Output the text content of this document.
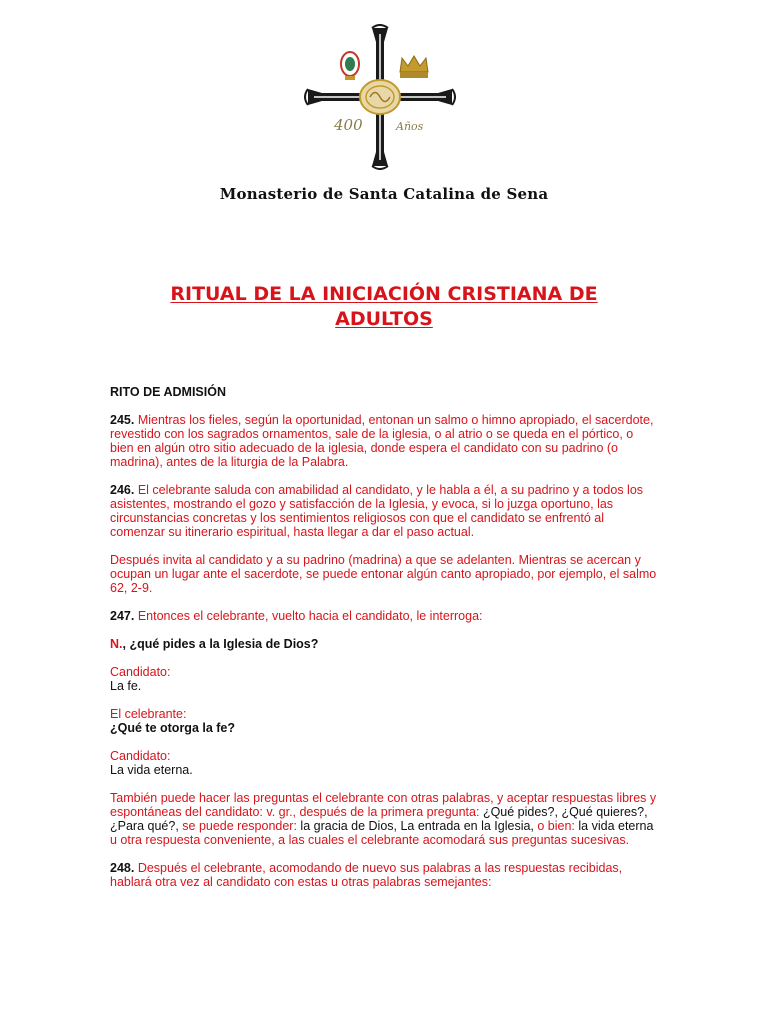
400	Años
Monasterio de Santa Catalina de Sena
RITUAL DE LA INICIACIÓN CRISTIANA DE
ADULTOS

RITO DE ADMISIÓN

245. Mientras los fieles, según la oportunidad, entonan un salmo o himno apropiado, el sacerdote, revestido con los sagrados ornamentos, sale de la iglesia, o al atrio o se queda en el pórtico, o bien en algún otro sitio adecuado de la iglesia, donde espera el candidato con su padrino (o madrina), antes de la liturgia de la Palabra.

246. El celebrante saluda con amabilidad al candidato, y le habla a él, a su padrino y a todos los asistentes, mostrando el gozo y satisfacción de la Iglesia, y evoca, si lo juzga oportuno, las circunstancias concretas y los sentimientos religiosos con que el candidato se enfrentó al comenzar su itinerario espiritual, hasta llegar a dar el paso actual.

Después invita al candidato y a su padrino (madrina) a que se adelanten. Mientras se acercan y ocupan un lugar ante el sacerdote, se puede entonar algún canto apropiado, por ejemplo, el salmo 62, 2-9.

247. Entonces el celebrante, vuelto hacia el candidato, le interroga:

N., ¿qué pides a la Iglesia de Dios?

Candidato:
La fe.

El celebrante:
¿Qué te otorga la fe?

Candidato:
La vida eterna.

También puede hacer las preguntas el celebrante con otras palabras, y aceptar respuestas libres y espontáneas del candidato: v. gr., después de la primera pregunta: ¿Qué pides?, ¿Qué quieres?, ¿Para qué?, se puede responder: la gracia de Dios, La entrada en la Iglesia, o bien: la vida eterna u otra respuesta conveniente, a las cuales el celebrante acomodará sus preguntas sucesivas.

248. Después el celebrante, acomodando de nuevo sus palabras a las respuestas recibidas, hablará otra vez al candidato con estas u otras palabras semejantes:
